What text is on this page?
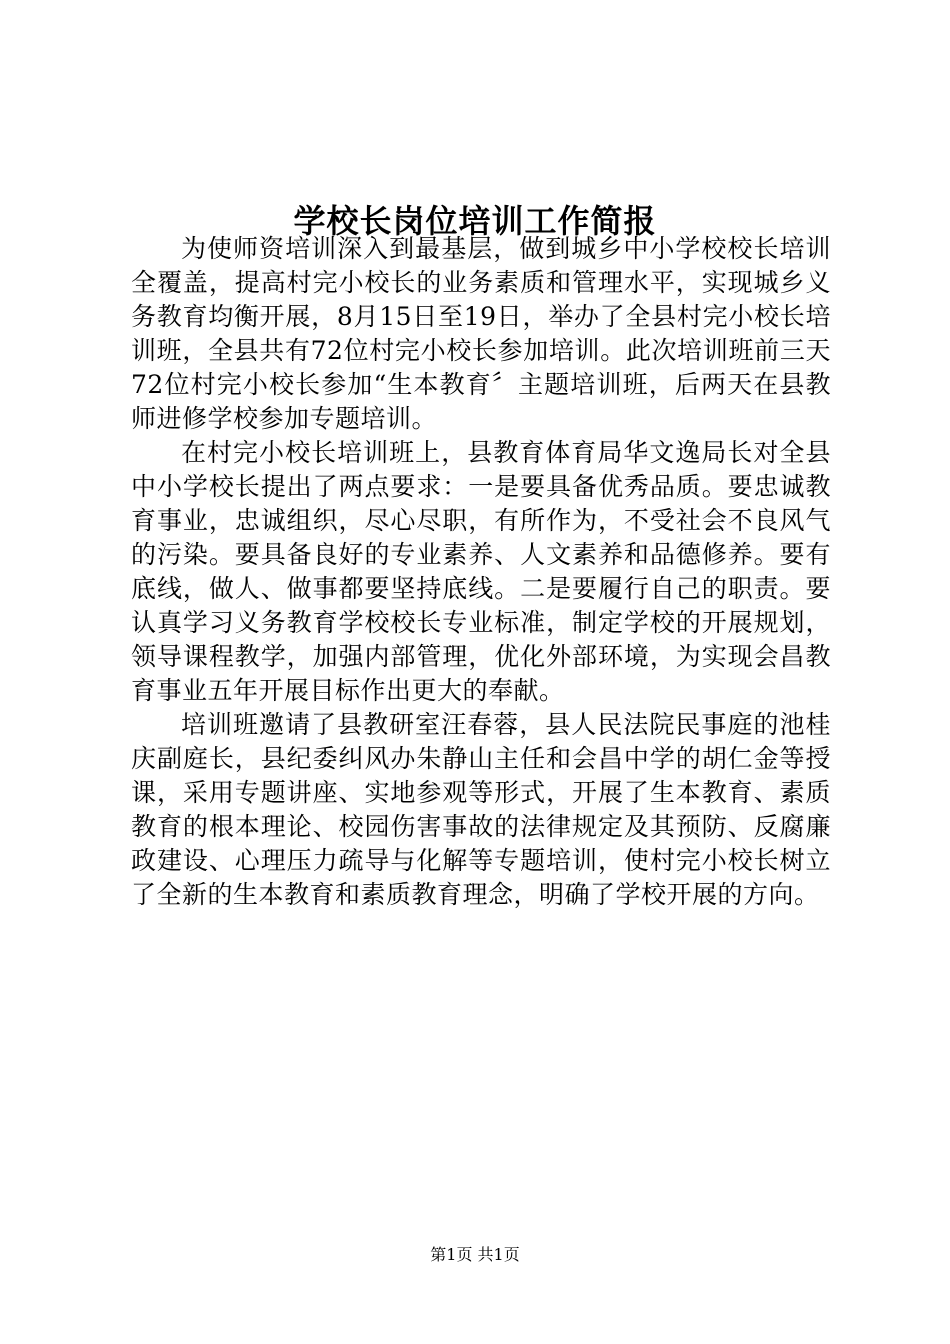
学校长岗位培训工作简报

为使师资培训深入到最基层，做到城乡中小学校校长培训全覆盖，提高村完小校长的业务素质和管理水平，实现城乡义务教育均衡开展，8月15日至19日，举办了全县村完小校长培训班，全县共有72位村完小校长参加培训。此次培训班前三天72位村完小校长参加“生本教育〞主题培训班，后两天在县教师进修学校参加专题培训。

在村完小校长培训班上，县教育体育局华文逸局长对全县中小学校长提出了两点要求：一是要具备优秀品质。要忠诚教育事业，忠诚组织，尽心尽职，有所作为，不受社会不良风气的污染。要具备良好的专业素养、人文素养和品德修养。要有底线，做人、做事都要坚持底线。二是要履行自己的职责。要认真学习义务教育学校校长专业标准，制定学校的开展规划，领导课程教学，加强内部管理，优化外部环境，为实现会昌教育事业五年开展目标作出更大的奉献。

培训班邀请了县教研室汪春蓉，县人民法院民事庭的池桂庆副庭长，县纪委纠风办朱静山主任和会昌中学的胡仁金等授课，采用专题讲座、实地参观等形式，开展了生本教育、素质教育的根本理论、校园伤害事故的法律规定及其预防、反腐廉政建设、心理压力疏导与化解等专题培训，使村完小校长树立了全新的生本教育和素质教育理念，明确了学校开展的方向。

第1页 共1页
